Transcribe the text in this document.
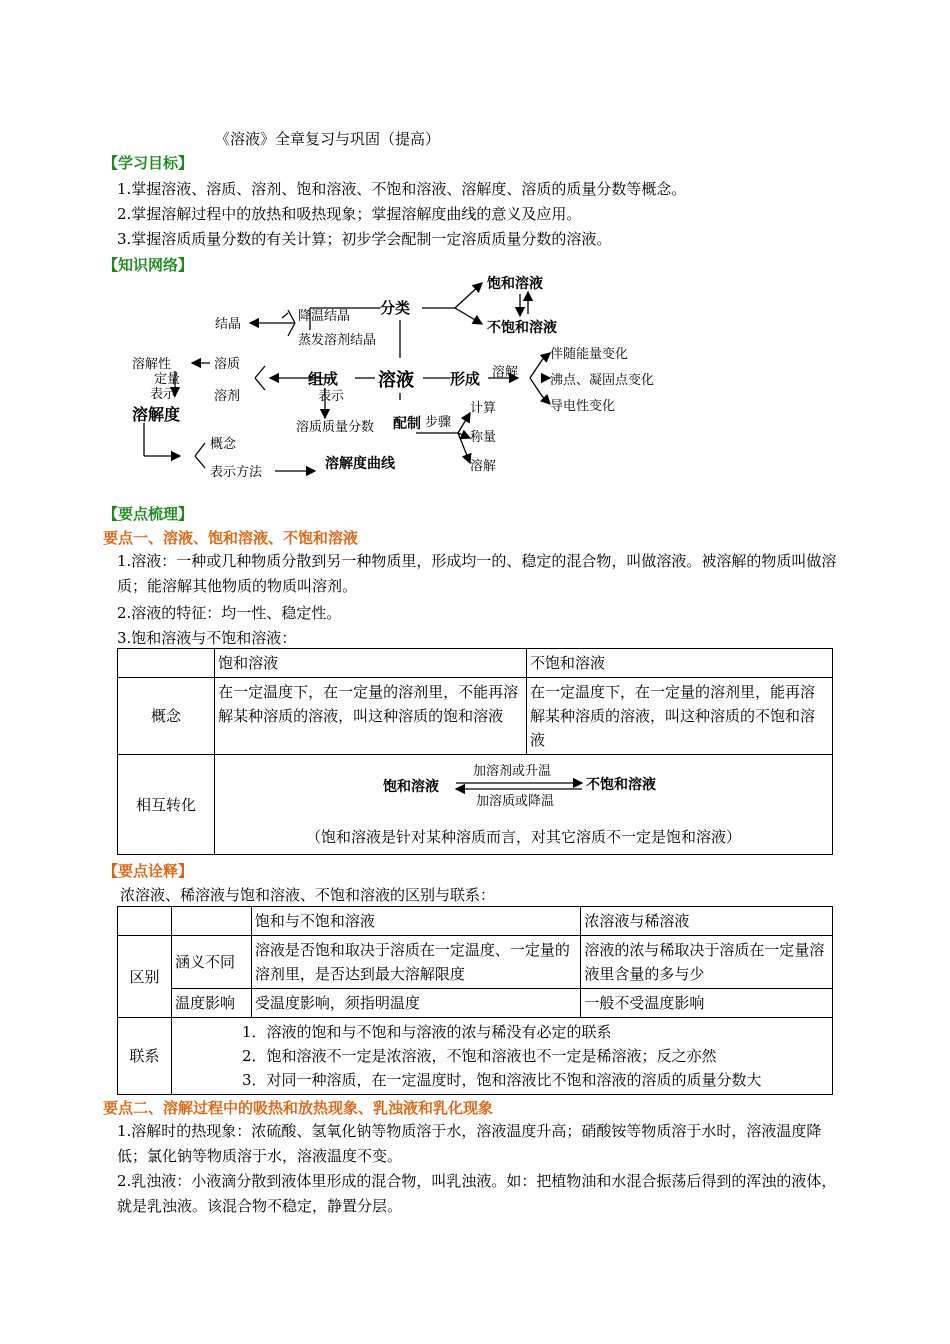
《溶液》全章复习与巩固（提高）
【学习目标】
1.掌握溶液、溶质、溶剂、饱和溶液、不饱和溶液、溶解度、溶质的质量分数等概念。
2.掌握溶解过程中的放热和吸热现象；掌握溶解度曲线的意义及应用。
3.掌握溶质质量分数的有关计算；初步学会配制一定溶质质量分数的溶液。
【知识网络】
分类
饱和溶液
不饱和溶液
降温结晶
蒸发溶剂结晶
结晶
溶液
组成	形成
溶质
溶剂
溶解性
定量
表示
溶解度
表示
溶质质量分数
溶解
伴随能量变化
沸点、凝固点变化
导电性变化
配制 步骤
计算
称量
溶解
概念
表示方法
溶解度曲线
【要点梳理】
要点一、溶液、饱和溶液、不饱和溶液
1.溶液：一种或几种物质分散到另一种物质里，形成均一的、稳定的混合物，叫做溶液。被溶解的物质叫做溶质；能溶解其他物质的物质叫溶剂。
2.溶液的特征：均一性、稳定性。
3.饱和溶液与不饱和溶液：
	饱和溶液	不饱和溶液
概念	在一定温度下，在一定量的溶剂里，不能再溶解某种溶质的溶液，叫这种溶质的饱和溶液	在一定温度下，在一定量的溶剂里，能再溶解某种溶质的溶液，叫这种溶质的不饱和溶液
相互转化	饱和溶液 不饱和溶液
加溶剂或升温
加溶质或降温
（饱和溶液是针对某种溶质而言，对其它溶质不一定是饱和溶液）	
【要点诠释】
浓溶液、稀溶液与饱和溶液、不饱和溶液的区别与联系：
		饱和与不饱和溶液	浓溶液与稀溶液
区别	涵义不同	溶液是否饱和取决于溶质在一定温度、一定量的溶剂里，是否达到最大溶解限度	溶液的浓与稀取决于溶质在一定量溶液里含量的多与少
	温度影响	受温度影响，须指明温度	一般不受温度影响
联系	1．溶液的饱和与不饱和与溶液的浓与稀没有必定的联系
2．饱和溶液不一定是浓溶液，不饱和溶液也不一定是稀溶液；反之亦然
3．对同一种溶质，在一定温度时，饱和溶液比不饱和溶液的溶质的质量分数大		
要点二、溶解过程中的吸热和放热现象、乳浊液和乳化现象
1.溶解时的热现象：浓硫酸、氢氧化钠等物质溶于水，溶液温度升高；硝酸铵等物质溶于水时，溶液温度降低；氯化钠等物质溶于水，溶液温度不变。
2.乳浊液：小液滴分散到液体里形成的混合物，叫乳浊液。如：把植物油和水混合振荡后得到的浑浊的液体，就是乳浊液。该混合物不稳定，静置分层。
